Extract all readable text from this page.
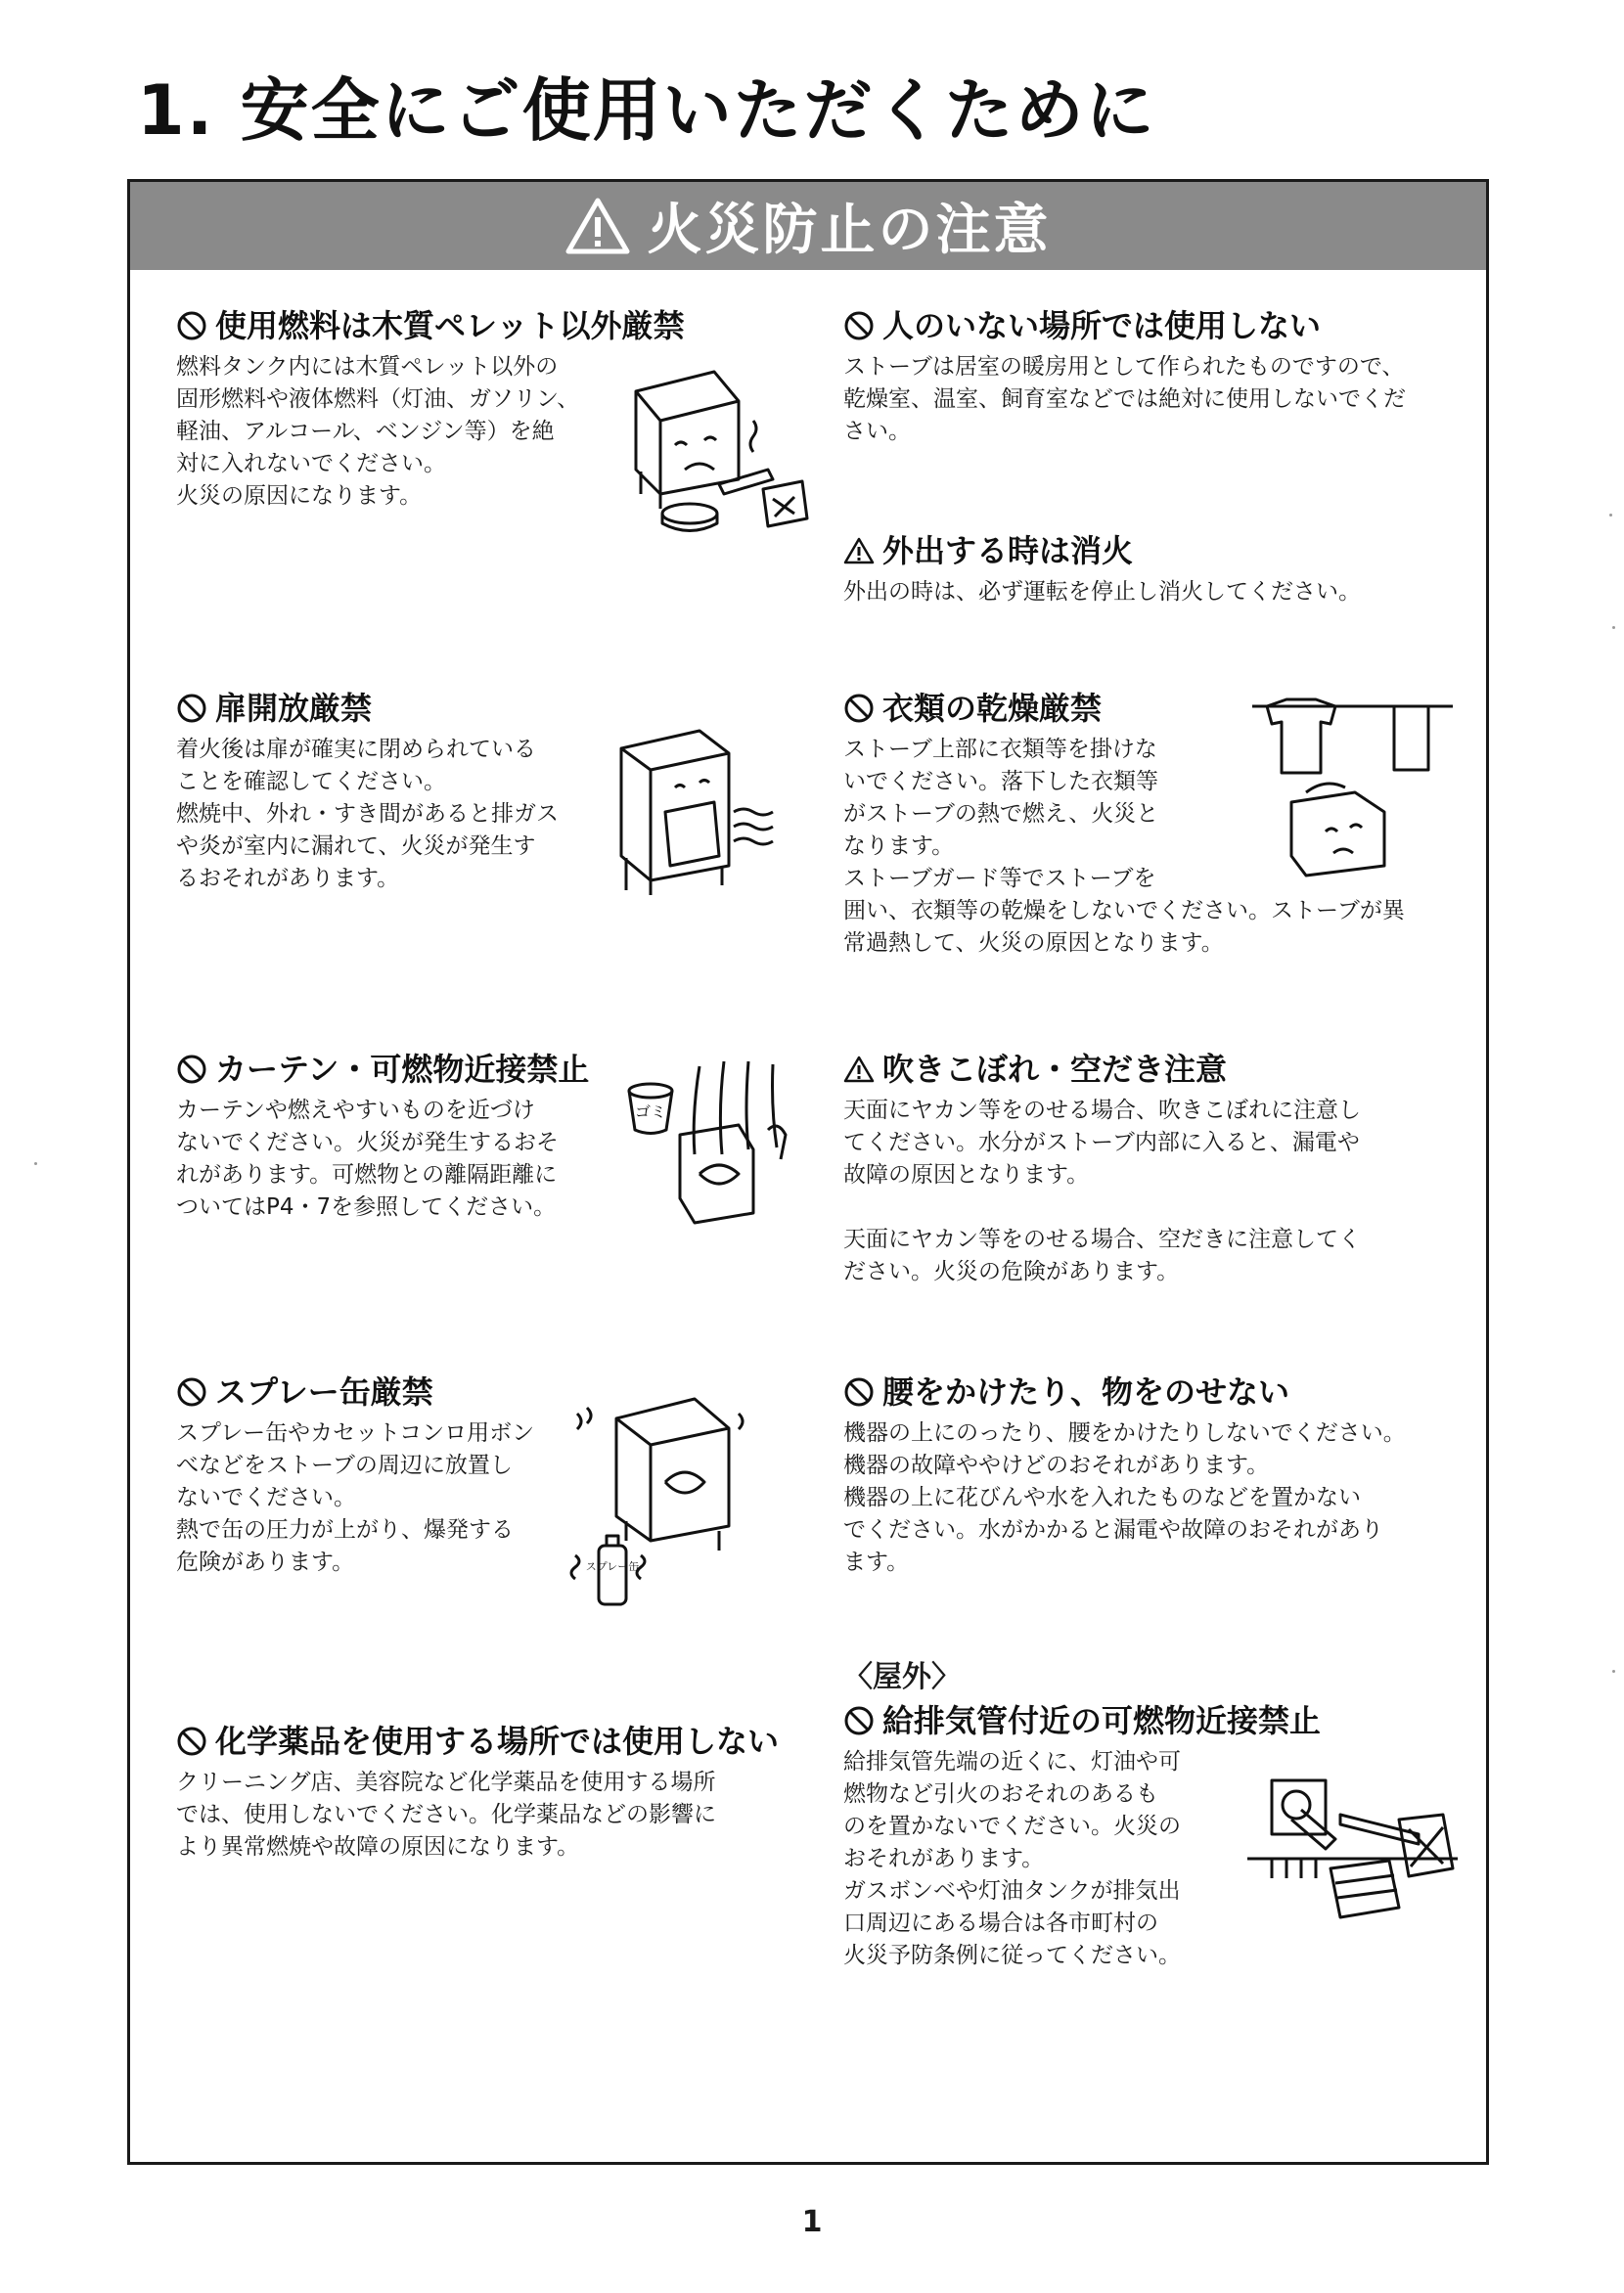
1. 安全にご使用いただくために
火災防止の注意
使用燃料は木質ペレット以外厳禁
燃料タンク内には木質ペレット以外の
固形燃料や液体燃料（灯油、ガソリン、
軽油、アルコール、ベンジン等）を絶
対に入れないでください。
火災の原因になります。
扉開放厳禁
着火後は扉が確実に閉められている
ことを確認してください。
燃焼中、外れ・すき間があると排ガス
や炎が室内に漏れて、火災が発生す
るおそれがあります。
カーテン・可燃物近接禁止
カーテンや燃えやすいものを近づけ
ないでください。火災が発生するおそ
れがあります。可燃物との離隔距離に
ついてはP4・7を参照してください。
ゴミ
スプレー缶厳禁
スプレー缶やカセットコンロ用ボン
べなどをストーブの周辺に放置し
ないでください。
熱で缶の圧力が上がり、爆発する
危険があります。	スプレー缶
化学薬品を使用する場所では使用しない
クリーニング店、美容院など化学薬品を使用する場所
では、使用しないでください。化学薬品などの影響に
より異常燃焼や故障の原因になります。
人のいない場所では使用しない
ストーブは居室の暖房用として作られたものですので、
乾燥室、温室、飼育室などでは絶対に使用しないでくだ
さい。
外出する時は消火
外出の時は、必ず運転を停止し消火してください。
衣類の乾燥厳禁
ストーブ上部に衣類等を掛けな
いでください。落下した衣類等
がストーブの熱で燃え、火災と
なります。
ストーブガード等でストーブを
囲い、衣類等の乾燥をしないでください。ストーブが異
常過熱して、火災の原因となります。
吹きこぼれ・空だき注意
天面にヤカン等をのせる場合、吹きこぼれに注意し
てください。水分がストーブ内部に入ると、漏電や
故障の原因となります。
天面にヤカン等をのせる場合、空だきに注意してく
ださい。火災の危険があります。
腰をかけたり、物をのせない
機器の上にのったり、腰をかけたりしないでください。
機器の故障ややけどのおそれがあります。
機器の上に花びんや水を入れたものなどを置かない
でください。水がかかると漏電や故障のおそれがあり
ます。
〈屋外〉
給排気管付近の可燃物近接禁止
給排気管先端の近くに、灯油や可
燃物など引火のおそれのあるも
のを置かないでください。火災の
おそれがあります。
ガスボンベや灯油タンクが排気出
口周辺にある場合は各市町村の
火災予防条例に従ってください。
1
